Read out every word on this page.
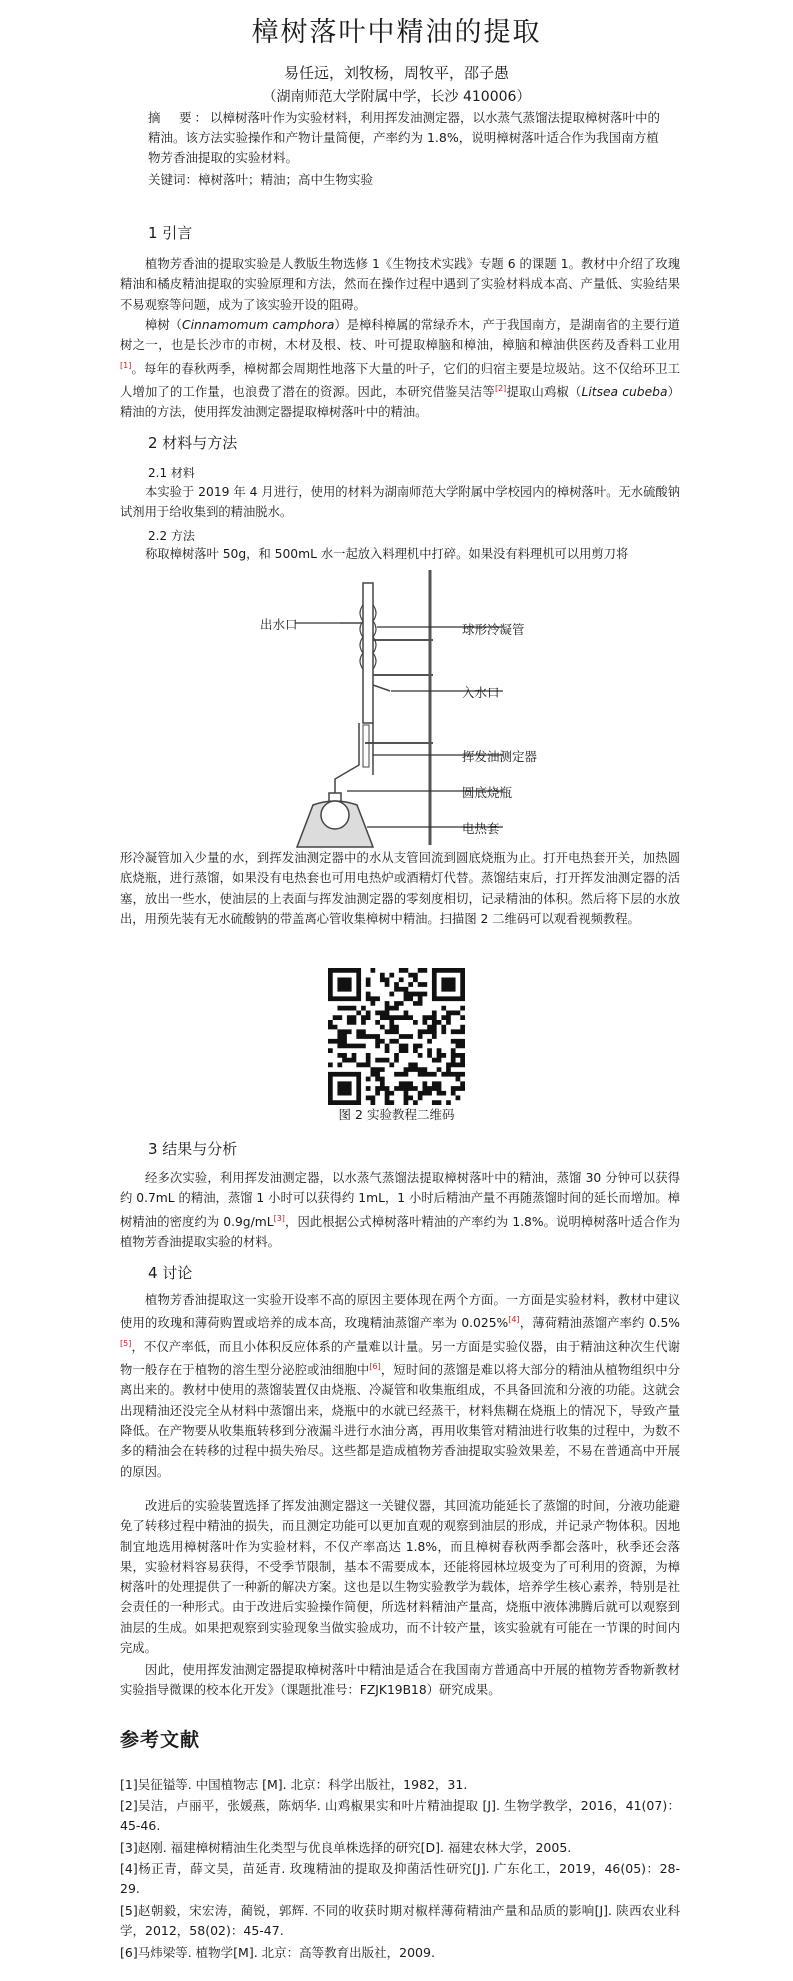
樟树落叶中精油的提取
易任远，刘牧杨，周牧平，邵子愚
（湖南师范大学附属中学，长沙 410006）
摘　要：以樟树落叶作为实验材料，利用挥发油测定器，以水蒸气蒸馏法提取樟树落叶中的精油。该方法实验操作和产物计量简便，产率约为 1.8%，说明樟树落叶适合作为我国南方植物芳香油提取的实验材料。
关键词：樟树落叶；精油；高中生物实验
1 引言
植物芳香油的提取实验是人教版生物选修 1《生物技术实践》专题 6 的课题 1。教材中介绍了玫瑰精油和橘皮精油提取的实验原理和方法，然而在操作过程中遇到了实验材料成本高、产量低、实验结果不易观察等问题，成为了该实验开设的阻碍。
樟树（Cinnamomum camphora）是樟科樟属的常绿乔木，产于我国南方，是湖南省的主要行道树之一，也是长沙市的市树，木材及根、枝、叶可提取樟脑和樟油，樟脑和樟油供医药及香料工业用[1]。每年的春秋两季，樟树都会周期性地落下大量的叶子，它们的归宿主要是垃圾站。这不仅给环卫工人增加了的工作量，也浪费了潜在的资源。因此，本研究借鉴吴洁等[2]提取山鸡椒（Litsea cubeba）精油的方法，使用挥发油测定器提取樟树落叶中的精油。
2 材料与方法
2.1 材料
本实验于 2019 年 4 月进行，使用的材料为湖南师范大学附属中学校园内的樟树落叶。无水硫酸钠试剂用于给收集到的精油脱水。
2.2 方法
称取樟树落叶 50g，和 500mL 水一起放入料理机中打碎。如果没有料理机可以用剪刀将
出水口	球形冷凝管
入水口
挥发油测定器
圆底烧瓶
电热套
形冷凝管加入少量的水，到挥发油测定器中的水从支管回流到圆底烧瓶为止。打开电热套开关，加热圆底烧瓶，进行蒸馏，如果没有电热套也可用电热炉或酒精灯代替。蒸馏结束后，打开挥发油测定器的活塞，放出一些水，使油层的上表面与挥发油测定器的零刻度相切，记录精油的体积。然后将下层的水放出，用预先装有无水硫酸钠的带盖离心管收集樟树中精油。扫描图 2 二维码可以观看视频教程。
图 2 实验教程二维码
3 结果与分析
经多次实验，利用挥发油测定器，以水蒸气蒸馏法提取樟树落叶中的精油，蒸馏 30 分钟可以获得约 0.7mL 的精油，蒸馏 1 小时可以获得约 1mL，1 小时后精油产量不再随蒸馏时间的延长而增加。樟树精油的密度约为 0.9g/mL[3]，因此根据公式樟树落叶精油的产率约为 1.8%。说明樟树落叶适合作为植物芳香油提取实验的材料。
4 讨论
植物芳香油提取这一实验开设率不高的原因主要体现在两个方面。一方面是实验材料，教材中建议使用的玫瑰和薄荷购置或培养的成本高，玫瑰精油蒸馏产率为 0.025%[4]，薄荷精油蒸馏产率约 0.5%[5]，不仅产率低，而且小体积反应体系的产量难以计量。另一方面是实验仪器，由于精油这种次生代谢物一般存在于植物的溶生型分泌腔或油细胞中[6]，短时间的蒸馏是难以将大部分的精油从植物组织中分离出来的。教材中使用的蒸馏装置仅由烧瓶、冷凝管和收集瓶组成，不具备回流和分液的功能。这就会出现精油还没完全从材料中蒸馏出来，烧瓶中的水就已经蒸干，材料焦糊在烧瓶上的情况下，导致产量降低。在产物要从收集瓶转移到分液漏斗进行水油分离，再用收集管对精油进行收集的过程中，为数不多的精油会在转移的过程中损失殆尽。这些都是造成植物芳香油提取实验效果差，不易在普通高中开展的原因。
改进后的实验装置选择了挥发油测定器这一关键仪器，其回流功能延长了蒸馏的时间，分液功能避免了转移过程中精油的损失，而且测定功能可以更加直观的观察到油层的形成，并记录产物体积。因地制宜地选用樟树落叶作为实验材料，不仅产率高达 1.8%，而且樟树春秋两季都会落叶，秋季还会落果，实验材料容易获得，不受季节限制，基本不需要成本，还能将园林垃圾变为了可利用的资源，为樟树落叶的处理提供了一种新的解决方案。这也是以生物实验教学为载体，培养学生核心素养，特别是社会责任的一种形式。由于改进后实验操作简便，所选材料精油产量高，烧瓶中液体沸腾后就可以观察到油层的生成。如果把观察到实验现象当做实验成功，而不计较产量，该实验就有可能在一节课的时间内完成。
因此，使用挥发油测定器提取樟树落叶中精油是适合在我国南方普通高中开展的植物芳香物新教材实验指导微课的校本化开发》（课题批准号：FZJK19B18）研究成果。
参考文献
[1]吴征镒等. 中国植物志 [M]. 北京：科学出版社，1982，31.
[2]吴洁，卢丽平，张媛燕，陈炳华. 山鸡椒果实和叶片精油提取 [J]. 生物学教学，2016，41(07)：45-46.
[3]赵刚. 福建樟树精油生化类型与优良单株选择的研究[D]. 福建农林大学，2005.
[4]杨正青，薛文昊，苗延青. 玫瑰精油的提取及抑菌活性研究[J]. 广东化工，2019，46(05)：28-29.
[5]赵朝毅，宋宏涛，蔺锐，郭辉. 不同的收获时期对椒样薄荷精油产量和品质的影响[J]. 陕西农业科学，2012，58(02)：45-47.
[6]马炜梁等. 植物学[M]. 北京：高等教育出版社，2009.
